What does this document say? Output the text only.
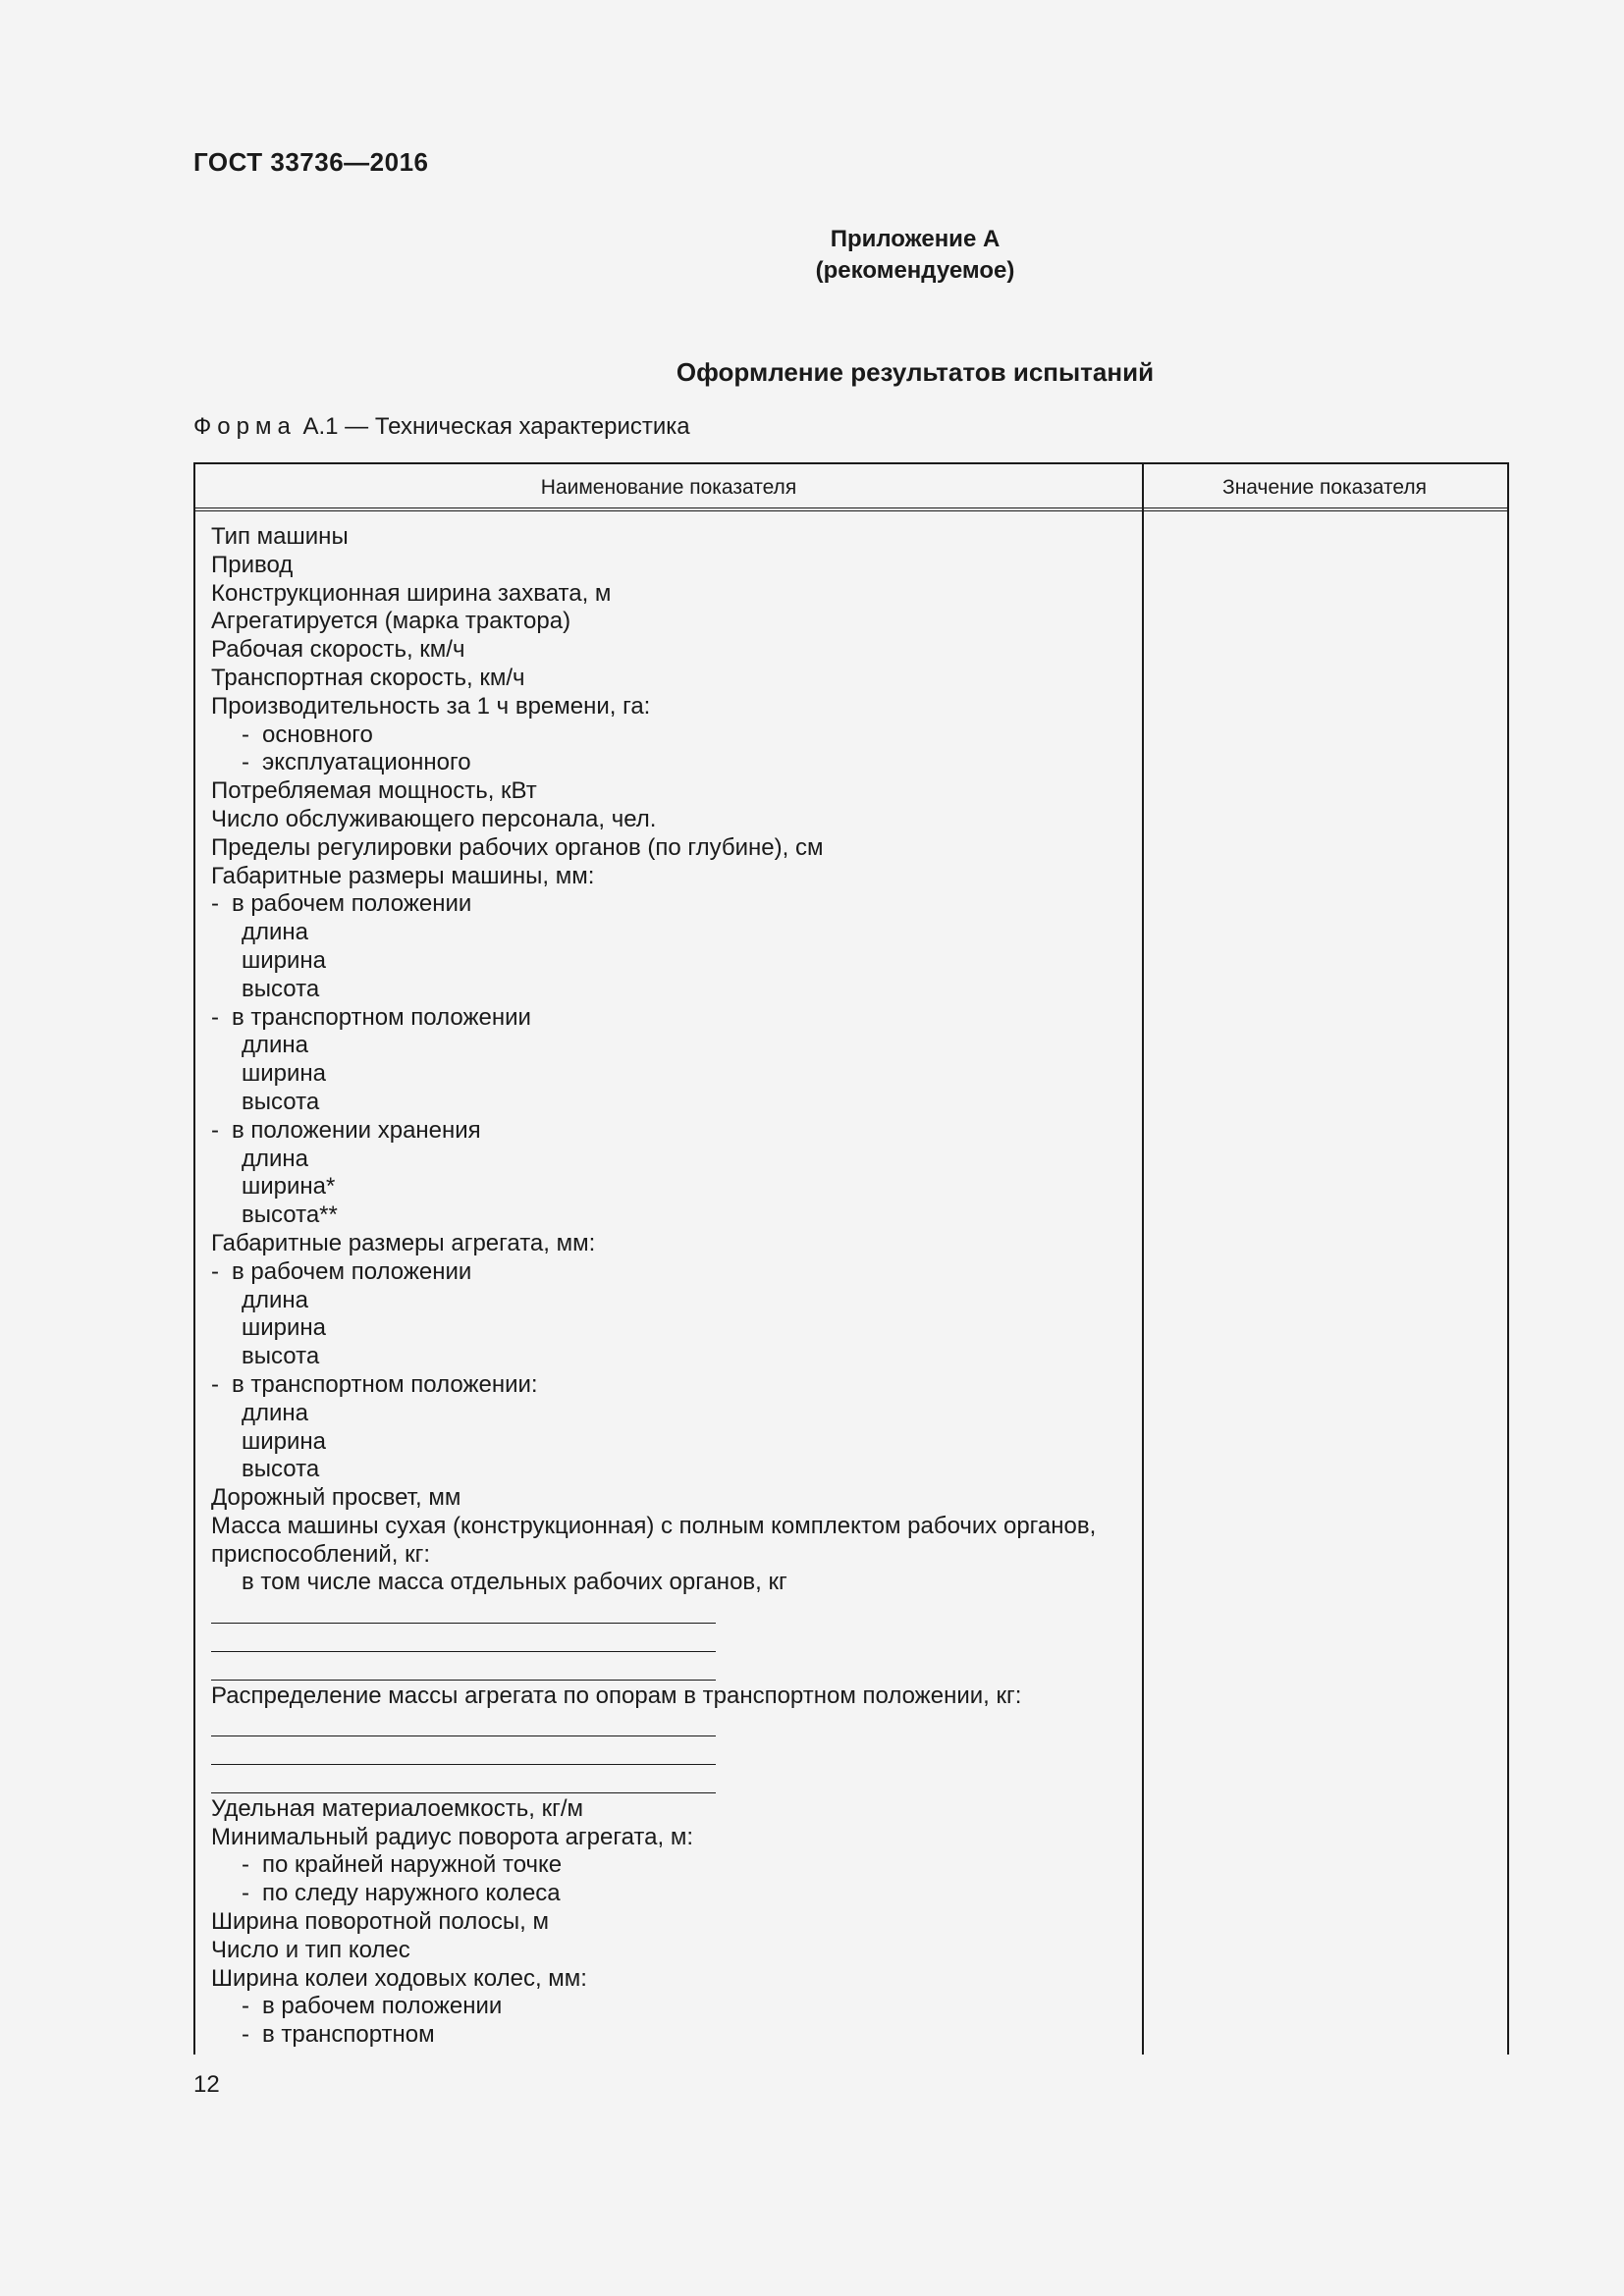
ГОСТ 33736—2016
Приложение А
(рекомендуемое)
Оформление результатов испытаний
Форма А.1 — Техническая характеристика
Наименование показателя	Значение показателя
Тип машины
Привод
Конструкционная ширина захвата, м
Агрегатируется (марка трактора)
Рабочая скорость, км/ч
Транспортная скорость, км/ч
Производительность за 1 ч времени, га:
- основного
- эксплуатационного
Потребляемая мощность, кВт
Число обслуживающего персонала, чел.
Пределы регулировки рабочих органов (по глубине), см
Габаритные размеры машины, мм:
- в рабочем положении
длина
ширина
высота
- в транспортном положении
длина
ширина
высота
- в положении хранения
длина
ширина*
высота**
Габаритные размеры агрегата, мм:
- в рабочем положении
длина
ширина
высота
- в транспортном положении:
длина
ширина
высота
Дорожный просвет, мм
Масса машины сухая (конструкционная) с полным комплектом рабочих органов,
приспособлений, кг:
в том числе масса отдельных рабочих органов, кг
Распределение массы агрегата по опорам в транспортном положении, кг:
Удельная материалоемкость, кг/м
Минимальный радиус поворота агрегата, м:
- по крайней наружной точке
- по следу наружного колеса
Ширина поворотной полосы, м
Число и тип колес
Ширина колеи ходовых колес, мм:
- в рабочем положении
- в транспортном
12
